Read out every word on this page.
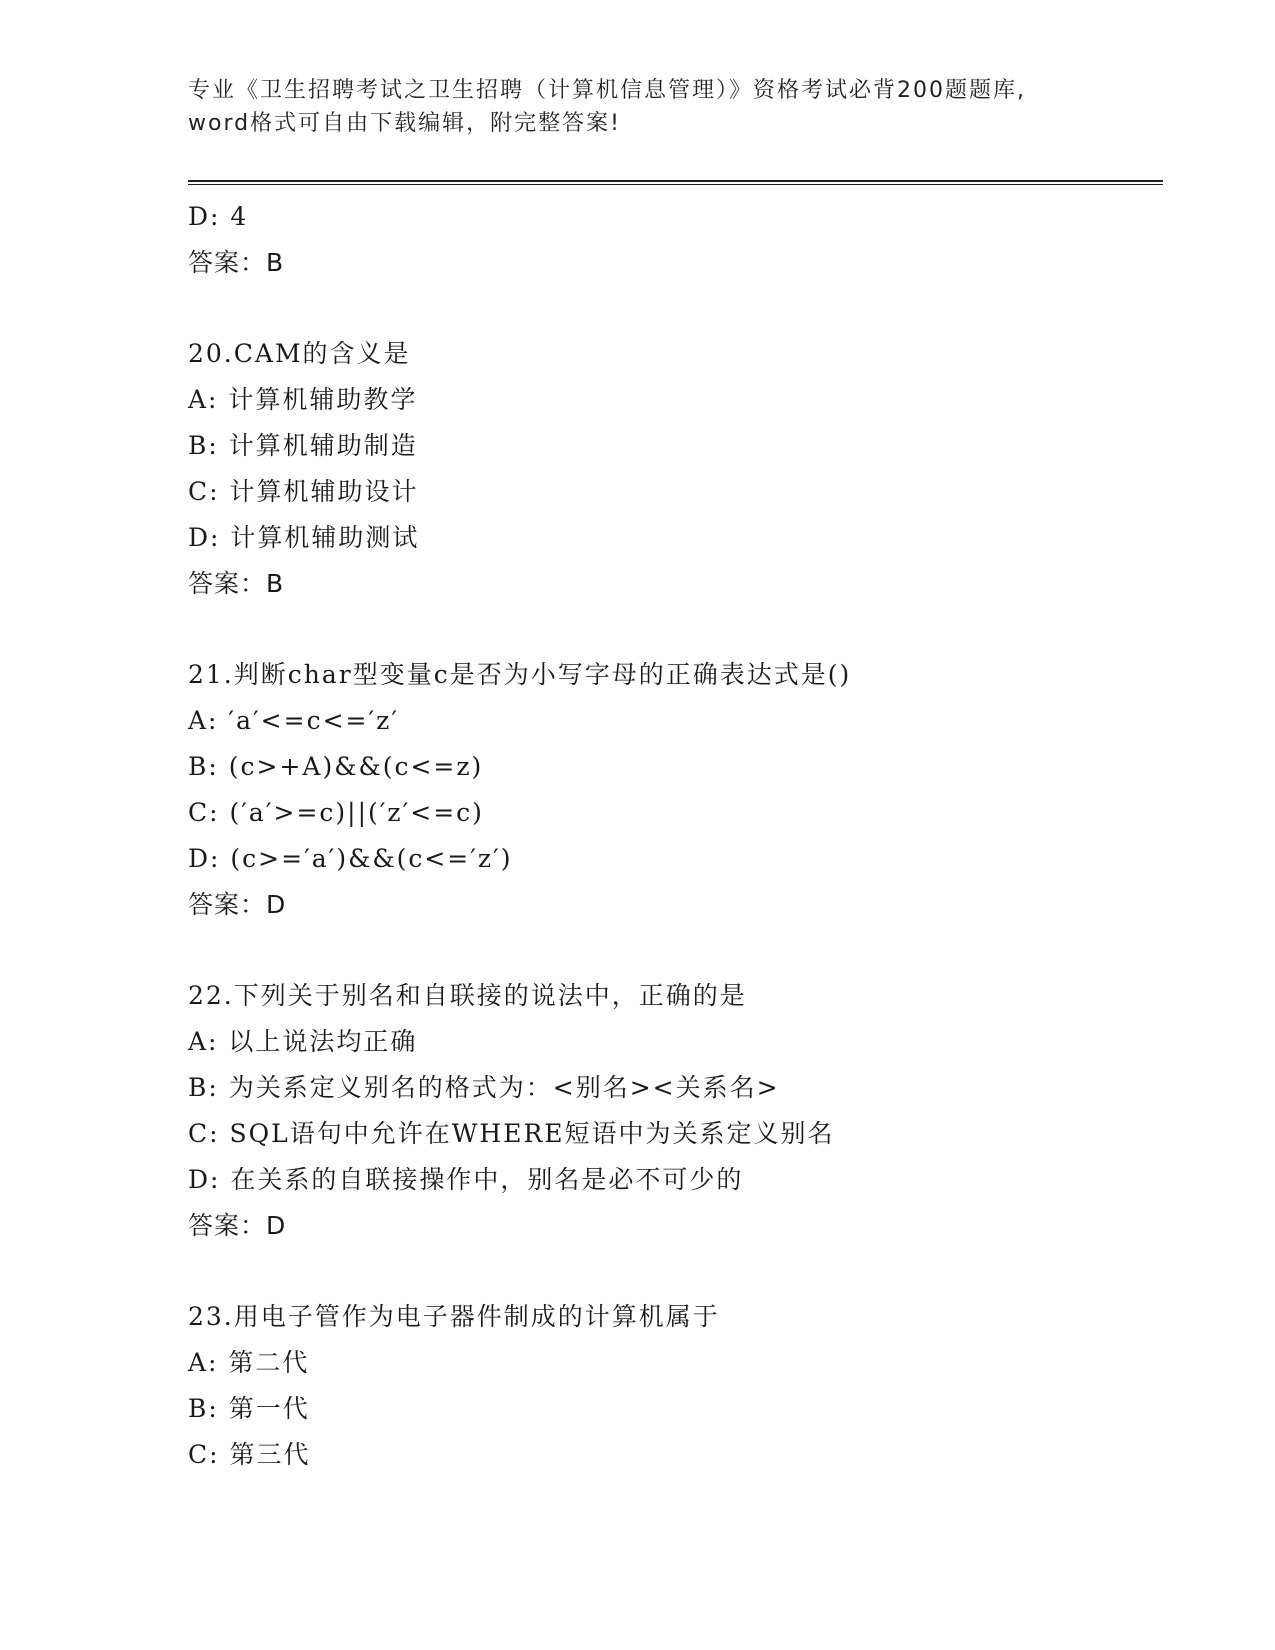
专业《卫生招聘考试之卫生招聘（计算机信息管理）》资格考试必背200题题库,
word格式可自由下载编辑，附完整答案!
D: 4
答案：B
20.CAM的含义是
A: 计算机辅助教学
B: 计算机辅助制造
C: 计算机辅助设计
D: 计算机辅助测试
答案：B
21.判断char型变量c是否为小写字母的正确表达式是()
A: ′a′<=c<=′z′
B: (c>+A)&&(c<=z)
C: (′a′>=c)||(′z′<=c)
D: (c>=′a′)&&(c<=′z′)
答案：D
22.下列关于别名和自联接的说法中，正确的是
A: 以上说法均正确
B: 为关系定义别名的格式为：<别名><关系名>
C: SQL语句中允许在WHERE短语中为关系定义别名
D: 在关系的自联接操作中，别名是必不可少的
答案：D
23.用电子管作为电子器件制成的计算机属于
A: 第二代
B: 第一代
C: 第三代
